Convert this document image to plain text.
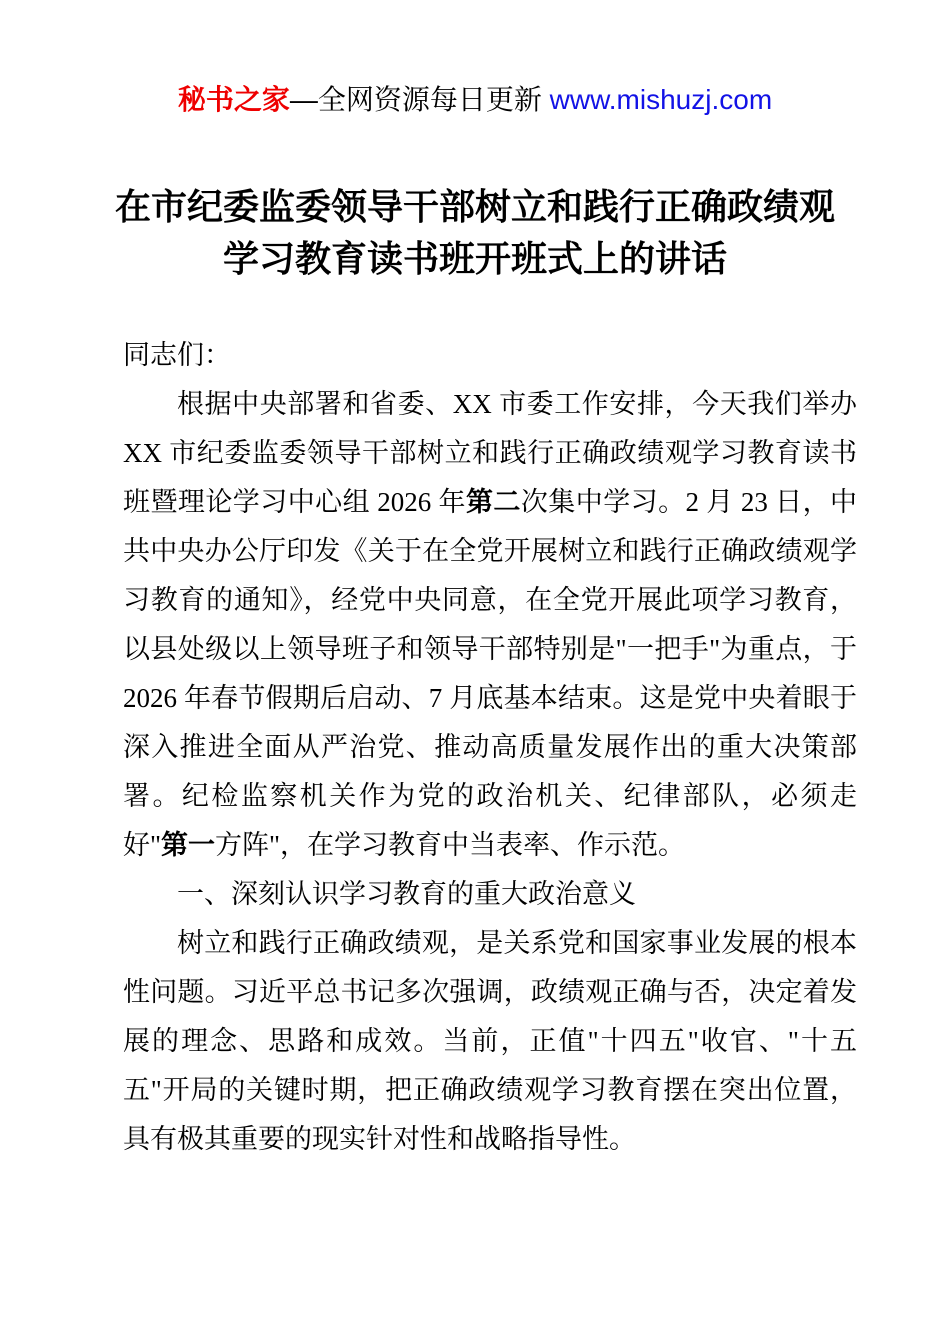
秘书之家—全网资源每日更新 www.mishuzj.com
在市纪委监委领导干部树立和践行正确政绩观
学习教育读书班开班式上的讲话

同志们：

根据中央部署和省委、XX 市委工作安排，今天我们举办 XX 市纪委监委领导干部树立和践行正确政绩观学习教育读书班暨理论学习中心组 2026 年第二次集中学习。2 月 23 日，中共中央办公厅印发《关于在全党开展树立和践行正确政绩观学习教育的通知》，经党中央同意，在全党开展此项学习教育，以县处级以上领导班子和领导干部特别是"一把手"为重点，于 2026 年春节假期后启动、7 月底基本结束。这是党中央着眼于深入推进全面从严治党、推动高质量发展作出的重大决策部署。纪检监察机关作为党的政治机关、纪律部队，必须走好"第一方阵"，在学习教育中当表率、作示范。

一、深刻认识学习教育的重大政治意义

树立和践行正确政绩观，是关系党和国家事业发展的根本性问题。习近平总书记多次强调，政绩观正确与否，决定着发展的理念、思路和成效。当前，正值"十四五"收官、"十五五"开局的关键时期，把正确政绩观学习教育摆在突出位置，具有极其重要的现实针对性和战略指导性。
